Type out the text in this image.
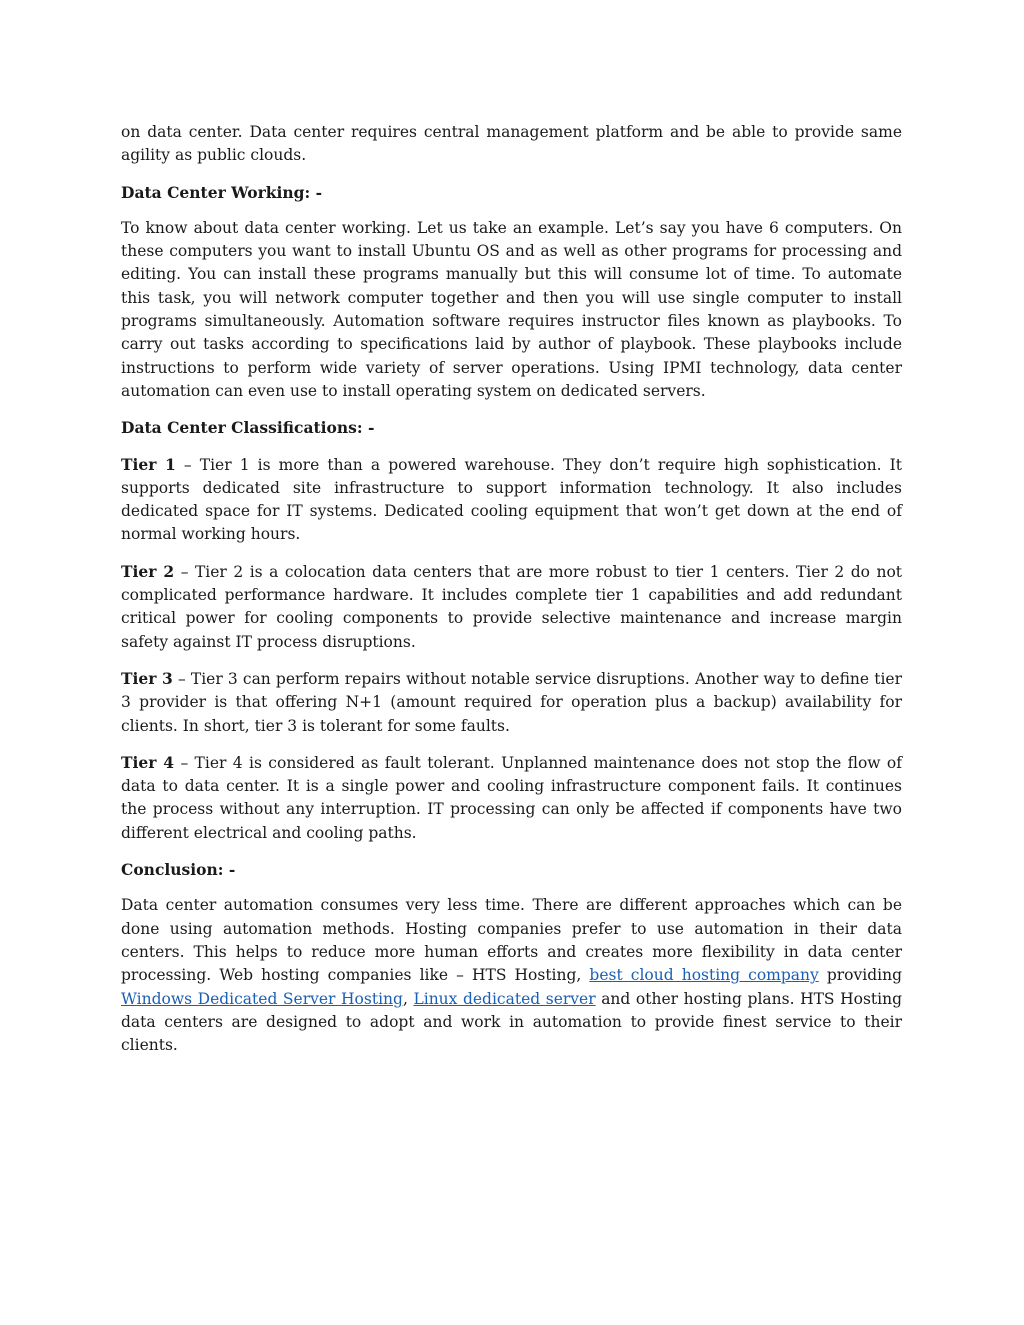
on data center. Data center requires central management platform and be able to provide same agility as public clouds.

Data Center Working: -

To know about data center working. Let us take an example. Let’s say you have 6 computers. On these computers you want to install Ubuntu OS and as well as other programs for processing and editing. You can install these programs manually but this will consume lot of time. To automate this task, you will network computer together and then you will use single computer to install programs simultaneously. Automation software requires instructor files known as playbooks. To carry out tasks according to specifications laid by author of playbook. These playbooks include instructions to perform wide variety of server operations. Using IPMI technology, data center automation can even use to install operating system on dedicated servers.

Data Center Classifications: -

Tier 1 – Tier 1 is more than a powered warehouse. They don’t require high sophistication. It supports dedicated site infrastructure to support information technology. It also includes dedicated space for IT systems. Dedicated cooling equipment that won’t get down at the end of normal working hours.

Tier 2 – Tier 2 is a colocation data centers that are more robust to tier 1 centers. Tier 2 do not complicated performance hardware. It includes complete tier 1 capabilities and add redundant critical power for cooling components to provide selective maintenance and increase margin safety against IT process disruptions.

Tier 3 – Tier 3 can perform repairs without notable service disruptions. Another way to define tier 3 provider is that offering N+1 (amount required for operation plus a backup) availability for clients. In short, tier 3 is tolerant for some faults.

Tier 4 – Tier 4 is considered as fault tolerant. Unplanned maintenance does not stop the flow of data to data center. It is a single power and cooling infrastructure component fails. It continues the process without any interruption. IT processing can only be affected if components have two different electrical and cooling paths.

Conclusion: -

Data center automation consumes very less time. There are different approaches which can be done using automation methods. Hosting companies prefer to use automation in their data centers. This helps to reduce more human efforts and creates more flexibility in data center processing. Web hosting companies like – HTS Hosting, best cloud hosting company providing Windows Dedicated Server Hosting, Linux dedicated server and other hosting plans. HTS Hosting data centers are designed to adopt and work in automation to provide finest service to their clients.
